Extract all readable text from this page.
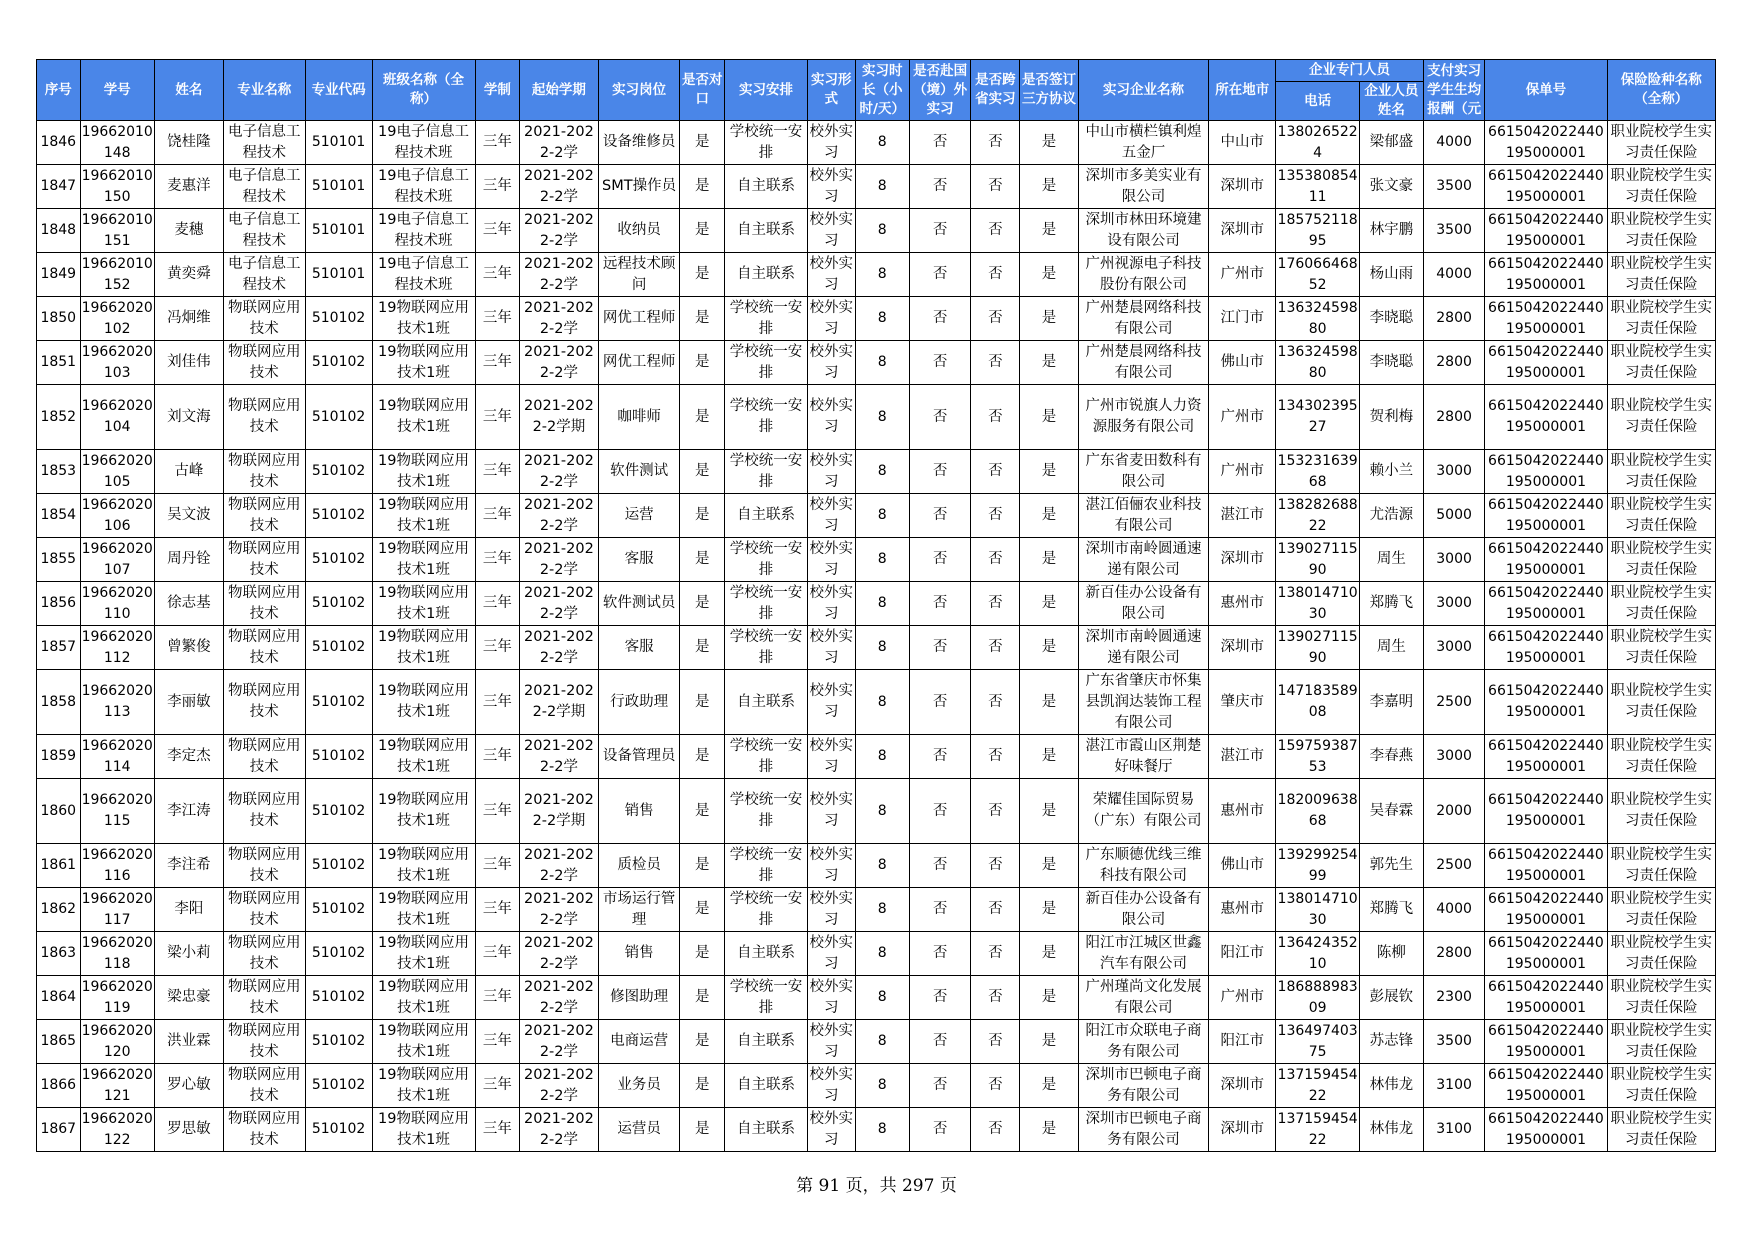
序号	学号	姓名	专业名称	专业代码	班级名称（全称）	学制	起始学期	实习岗位	是否对口	实习安排	实习形式	实习时长（小时/天）	是否赴国（境）外实习	是否跨省实习	是否签订三方协议	实习企业名称	所在地市	企业专门人员		支付实习学生生均报酬（元	保单号	保险险种名称（全称）
																		电话	企业人员姓名			
1846	19662010148	饶桂隆	电子信息工程技术	510101	19电子信息工程技术班	三年	2021-2022-2学	设备维修员	是	学校统一安排	校外实习	8	否	否	是	中山市横栏镇利煌五金厂	中山市	1380265224	梁郁盛	4000	6615042022440195000001	职业院校学生实习责任保险
1847	19662010150	麦惠洋	电子信息工程技术	510101	19电子信息工程技术班	三年	2021-2022-2学	SMT操作员	是	自主联系	校外实习	8	否	否	是	深圳市多美实业有限公司	深圳市	13538085411	张文豪	3500	6615042022440195000001	职业院校学生实习责任保险
1848	19662010151	麦穗	电子信息工程技术	510101	19电子信息工程技术班	三年	2021-2022-2学	收纳员	是	自主联系	校外实习	8	否	否	是	深圳市林田环境建设有限公司	深圳市	18575211895	林宇鹏	3500	6615042022440195000001	职业院校学生实习责任保险
1849	19662010152	黄奕舜	电子信息工程技术	510101	19电子信息工程技术班	三年	2021-2022-2学	远程技术顾问	是	自主联系	校外实习	8	否	否	是	广州视源电子科技股份有限公司	广州市	17606646852	杨山雨	4000	6615042022440195000001	职业院校学生实习责任保险
1850	19662020102	冯炯维	物联网应用技术	510102	19物联网应用技术1班	三年	2021-2022-2学	网优工程师	是	学校统一安排	校外实习	8	否	否	是	广州楚晨网络科技有限公司	江门市	13632459880	李晓聪	2800	6615042022440195000001	职业院校学生实习责任保险
1851	19662020103	刘佳伟	物联网应用技术	510102	19物联网应用技术1班	三年	2021-2022-2学	网优工程师	是	学校统一安排	校外实习	8	否	否	是	广州楚晨网络科技有限公司	佛山市	13632459880	李晓聪	2800	6615042022440195000001	职业院校学生实习责任保险
1852	19662020104	刘文海	物联网应用技术	510102	19物联网应用技术1班	三年	2021-2022-2学期	咖啡师	是	学校统一安排	校外实习	8	否	否	是	广州市锐旗人力资源服务有限公司	广州市	13430239527	贺利梅	2800	6615042022440195000001	职业院校学生实习责任保险
1853	19662020105	古峰	物联网应用技术	510102	19物联网应用技术1班	三年	2021-2022-2学	软件测试	是	学校统一安排	校外实习	8	否	否	是	广东省麦田数科有限公司	广州市	15323163968	赖小兰	3000	6615042022440195000001	职业院校学生实习责任保险
1854	19662020106	吴文波	物联网应用技术	510102	19物联网应用技术1班	三年	2021-2022-2学	运营	是	自主联系	校外实习	8	否	否	是	湛江佰俪农业科技有限公司	湛江市	13828268822	尤浩源	5000	6615042022440195000001	职业院校学生实习责任保险
1855	19662020107	周丹铨	物联网应用技术	510102	19物联网应用技术1班	三年	2021-2022-2学	客服	是	学校统一安排	校外实习	8	否	否	是	深圳市南岭圆通速递有限公司	深圳市	13902711590	周生	3000	6615042022440195000001	职业院校学生实习责任保险
1856	19662020110	徐志基	物联网应用技术	510102	19物联网应用技术1班	三年	2021-2022-2学	软件测试员	是	学校统一安排	校外实习	8	否	否	是	新百佳办公设备有限公司	惠州市	13801471030	郑腾飞	3000	6615042022440195000001	职业院校学生实习责任保险
1857	19662020112	曾繁俊	物联网应用技术	510102	19物联网应用技术1班	三年	2021-2022-2学	客服	是	学校统一安排	校外实习	8	否	否	是	深圳市南岭圆通速递有限公司	深圳市	13902711590	周生	3000	6615042022440195000001	职业院校学生实习责任保险
1858	19662020113	李丽敏	物联网应用技术	510102	19物联网应用技术1班	三年	2021-2022-2学期	行政助理	是	自主联系	校外实习	8	否	否	是	广东省肇庆市怀集县凯润达装饰工程有限公司	肇庆市	14718358908	李嘉明	2500	6615042022440195000001	职业院校学生实习责任保险
1859	19662020114	李定杰	物联网应用技术	510102	19物联网应用技术1班	三年	2021-2022-2学	设备管理员	是	学校统一安排	校外实习	8	否	否	是	湛江市霞山区荆楚好味餐厅	湛江市	15975938753	李春燕	3000	6615042022440195000001	职业院校学生实习责任保险
1860	19662020115	李江涛	物联网应用技术	510102	19物联网应用技术1班	三年	2021-2022-2学期	销售	是	学校统一安排	校外实习	8	否	否	是	荣耀佳国际贸易（广东）有限公司	惠州市	18200963868	吴春霖	2000	6615042022440195000001	职业院校学生实习责任保险
1861	19662020116	李注希	物联网应用技术	510102	19物联网应用技术1班	三年	2021-2022-2学	质检员	是	学校统一安排	校外实习	8	否	否	是	广东顺德优线三维科技有限公司	佛山市	13929925499	郭先生	2500	6615042022440195000001	职业院校学生实习责任保险
1862	19662020117	李阳	物联网应用技术	510102	19物联网应用技术1班	三年	2021-2022-2学	市场运行管理	是	学校统一安排	校外实习	8	否	否	是	新百佳办公设备有限公司	惠州市	13801471030	郑腾飞	4000	6615042022440195000001	职业院校学生实习责任保险
1863	19662020118	梁小莉	物联网应用技术	510102	19物联网应用技术1班	三年	2021-2022-2学	销售	是	自主联系	校外实习	8	否	否	是	阳江市江城区世鑫汽车有限公司	阳江市	13642435210	陈柳	2800	6615042022440195000001	职业院校学生实习责任保险
1864	19662020119	梁忠豪	物联网应用技术	510102	19物联网应用技术1班	三年	2021-2022-2学	修图助理	是	学校统一安排	校外实习	8	否	否	是	广州瑾尚文化发展有限公司	广州市	18688898309	彭展钦	2300	6615042022440195000001	职业院校学生实习责任保险
1865	19662020120	洪业霖	物联网应用技术	510102	19物联网应用技术1班	三年	2021-2022-2学	电商运营	是	自主联系	校外实习	8	否	否	是	阳江市众联电子商务有限公司	阳江市	13649740375	苏志锋	3500	6615042022440195000001	职业院校学生实习责任保险
1866	19662020121	罗心敏	物联网应用技术	510102	19物联网应用技术1班	三年	2021-2022-2学	业务员	是	自主联系	校外实习	8	否	否	是	深圳市巴顿电子商务有限公司	深圳市	13715945422	林伟龙	3100	6615042022440195000001	职业院校学生实习责任保险
1867	19662020122	罗思敏	物联网应用技术	510102	19物联网应用技术1班	三年	2021-2022-2学	运营员	是	自主联系	校外实习	8	否	否	是	深圳市巴顿电子商务有限公司	深圳市	13715945422	林伟龙	3100	6615042022440195000001	职业院校学生实习责任保险
第 91 页，共 297 页
